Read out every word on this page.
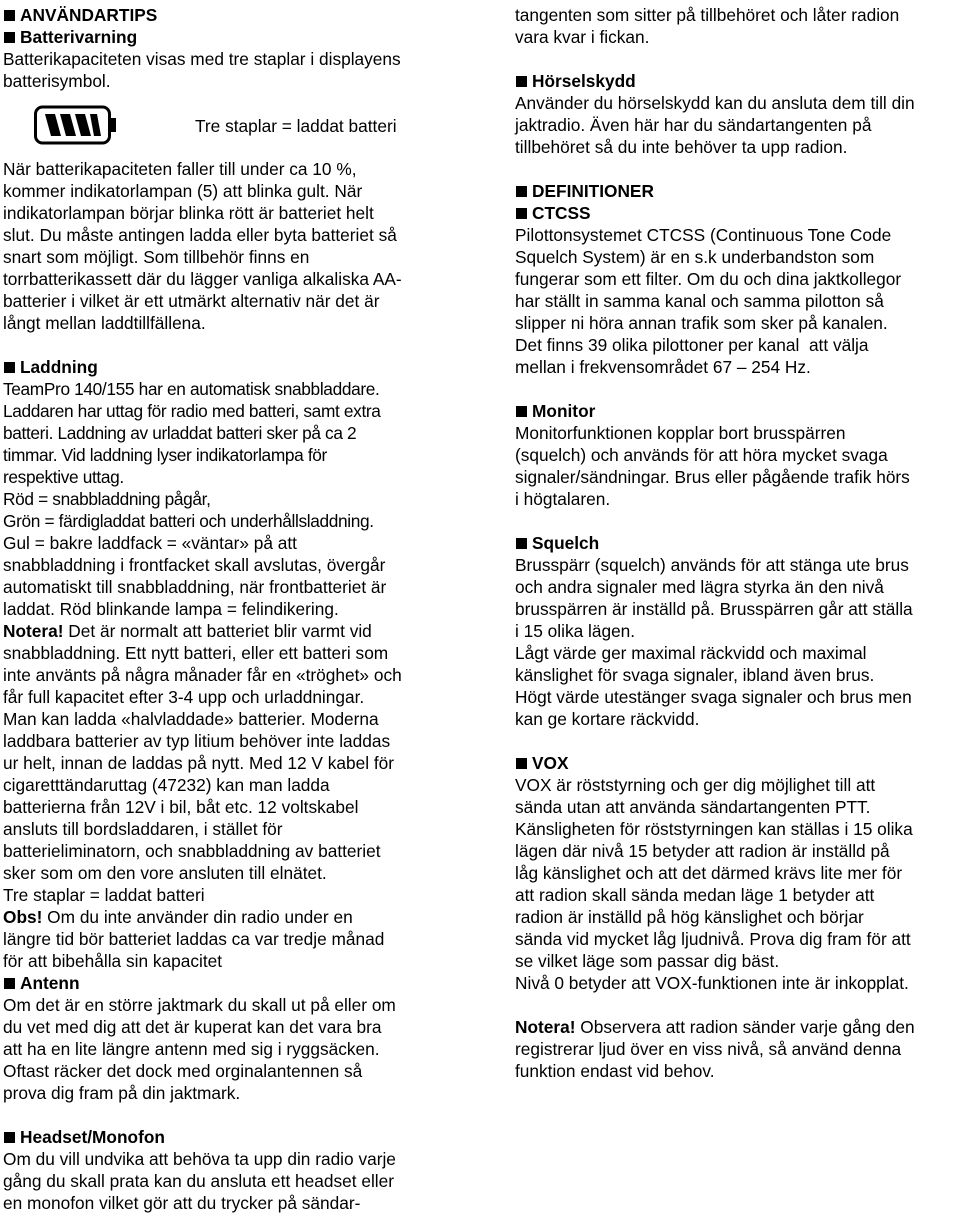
ANVÄNDARTIPS
Batterivarning
Batterikapaciteten visas med tre staplar i displayens
batterisymbol.
Tre staplar = laddat batteri
När batterikapaciteten faller till under ca 10 %,
kommer indikatorlampan (5) att blinka gult. När
indikatorlampan börjar blinka rött är batteriet helt
slut. Du måste antingen ladda eller byta batteriet så
snart som möjligt. Som tillbehör finns en
torrbatterikassett där du lägger vanliga alkaliska AA-
batterier i vilket är ett utmärkt alternativ när det är
långt mellan laddtillfällena.
Laddning
TeamPro 140/155 har en automatisk snabbladdare.
Laddaren har uttag för radio med batteri, samt extra
batteri. Laddning av urladdat batteri sker på ca 2
timmar. Vid laddning lyser indikatorlampa för
respektive uttag.
Röd = snabbladdning pågår,
Grön = färdigladdat batteri och underhållsladdning.
Gul = bakre laddfack = «väntar» på att
snabbladdning i frontfacket skall avslutas, övergår
automatiskt till snabbladdning, när frontbatteriet är
laddat. Röd blinkande lampa = felindikering.
Notera! Det är normalt att batteriet blir varmt vid
snabbladdning. Ett nytt batteri, eller ett batteri som
inte använts på några månader får en «tröghet» och
får full kapacitet efter 3-4 upp och urladdningar.
Man kan ladda «halvladdade» batterier. Moderna
laddbara batterier av typ litium behöver inte laddas
ur helt, innan de laddas på nytt. Med 12 V kabel för
cigaretttändaruttag (47232) kan man ladda
batterierna från 12V i bil, båt etc. 12 voltskabel
ansluts till bordsladdaren, i stället för
batterieliminatorn, och snabbladdning av batteriet
sker som om den vore ansluten till elnätet.
Tre staplar = laddat batteri
Obs! Om du inte använder din radio under en
längre tid bör batteriet laddas ca var tredje månad
för att bibehålla sin kapacitet
Antenn
Om det är en större jaktmark du skall ut på eller om
du vet med dig att det är kuperat kan det vara bra
att ha en lite längre antenn med sig i ryggsäcken.
Oftast räcker det dock med orginalantennen så
prova dig fram på din jaktmark.
Headset/Monofon
Om du vill undvika att behöva ta upp din radio varje
gång du skall prata kan du ansluta ett headset eller
en monofon vilket gör att du trycker på sändar-
tangenten som sitter på tillbehöret och låter radion
vara kvar i fickan.
Hörselskydd
Använder du hörselskydd kan du ansluta dem till din
jaktradio. Även här har du sändartangenten på
tillbehöret så du inte behöver ta upp radion.
DEFINITIONER
CTCSS
Pilottonsystemet CTCSS (Continuous Tone Code
Squelch System) är en s.k underbandston som
fungerar som ett filter. Om du och dina jaktkollegor
har ställt in samma kanal och samma pilotton så
slipper ni höra annan trafik som sker på kanalen.
Det finns 39 olika pilottoner per kanal  att välja
mellan i frekvensområdet 67 – 254 Hz.
Monitor
Monitorfunktionen kopplar bort brusspärren
(squelch) och används för att höra mycket svaga
signaler/sändningar. Brus eller pågående trafik hörs
i högtalaren.
Squelch
Brusspärr (squelch) används för att stänga ute brus
och andra signaler med lägra styrka än den nivå
brusspärren är inställd på. Brusspärren går att ställa
i 15 olika lägen.
Lågt värde ger maximal räckvidd och maximal
känslighet för svaga signaler, ibland även brus.
Högt värde utestänger svaga signaler och brus men
kan ge kortare räckvidd.
VOX
VOX är röststyrning och ger dig möjlighet till att
sända utan att använda sändartangenten PTT.
Känsligheten för röststyrningen kan ställas i 15 olika
lägen där nivå 15 betyder att radion är inställd på
låg känslighet och att det därmed krävs lite mer för
att radion skall sända medan läge 1 betyder att
radion är inställd på hög känslighet och börjar
sända vid mycket låg ljudnivå. Prova dig fram för att
se vilket läge som passar dig bäst.
Nivå 0 betyder att VOX-funktionen inte är inkopplat.
Notera! Observera att radion sänder varje gång den
registrerar ljud över en viss nivå, så använd denna
funktion endast vid behov.
